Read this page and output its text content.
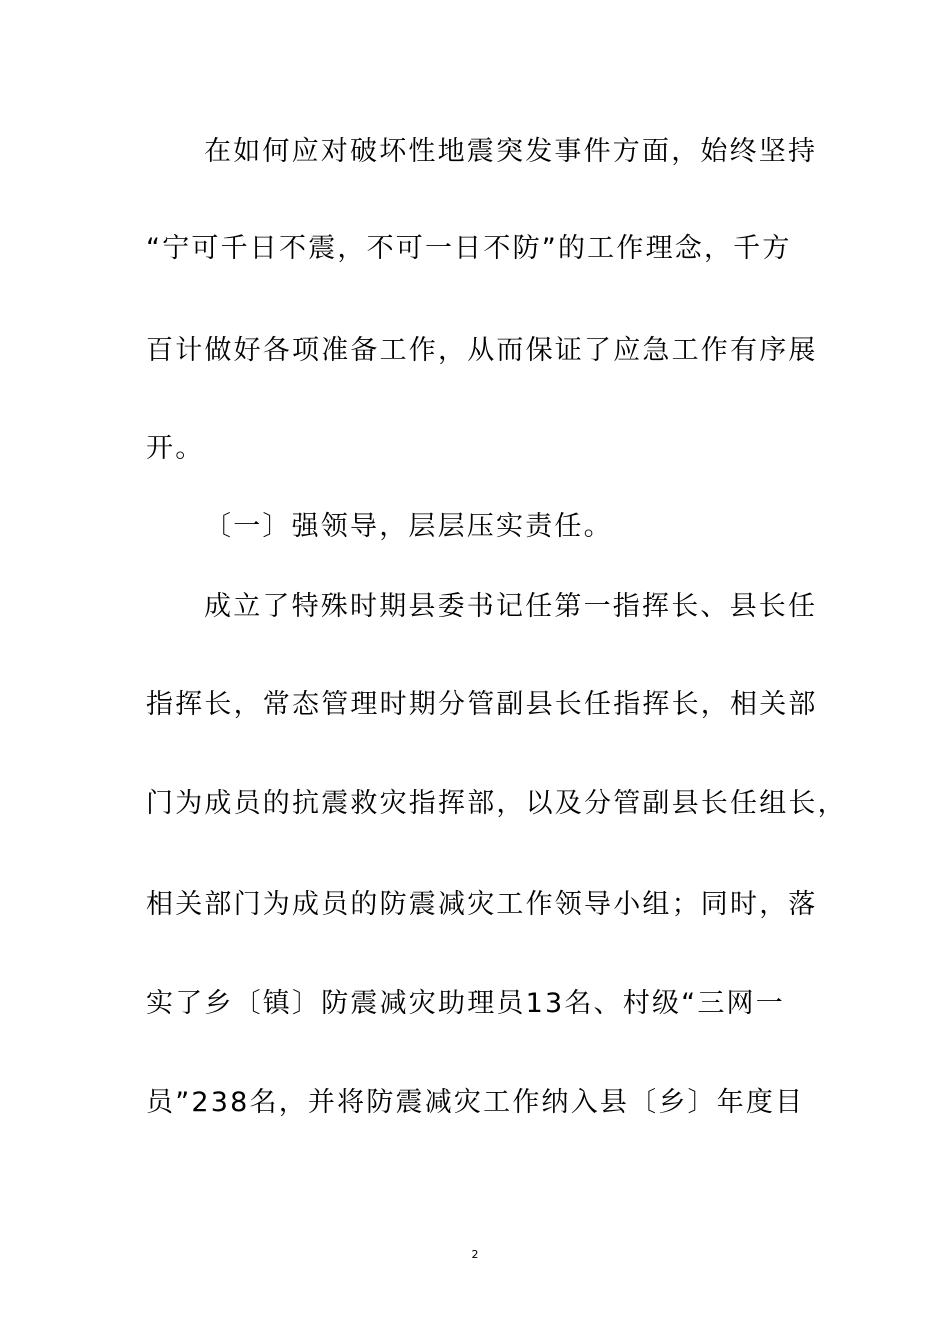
在如何应对破坏性地震突发事件方面，始终坚持
“宁可千日不震，不可一日不防”的工作理念，千方
百计做好各项准备工作，从而保证了应急工作有序展
开。
〔一〕强领导，层层压实责任。
成立了特殊时期县委书记任第一指挥长、县长任
指挥长，常态管理时期分管副县长任指挥长，相关部
门为成员的抗震救灾指挥部，以及分管副县长任组长，
相关部门为成员的防震减灾工作领导小组；同时，落
实了乡〔镇〕防震减灾助理员13名、村级“三网一
员”238名，并将防震减灾工作纳入县〔乡〕年度目
2
